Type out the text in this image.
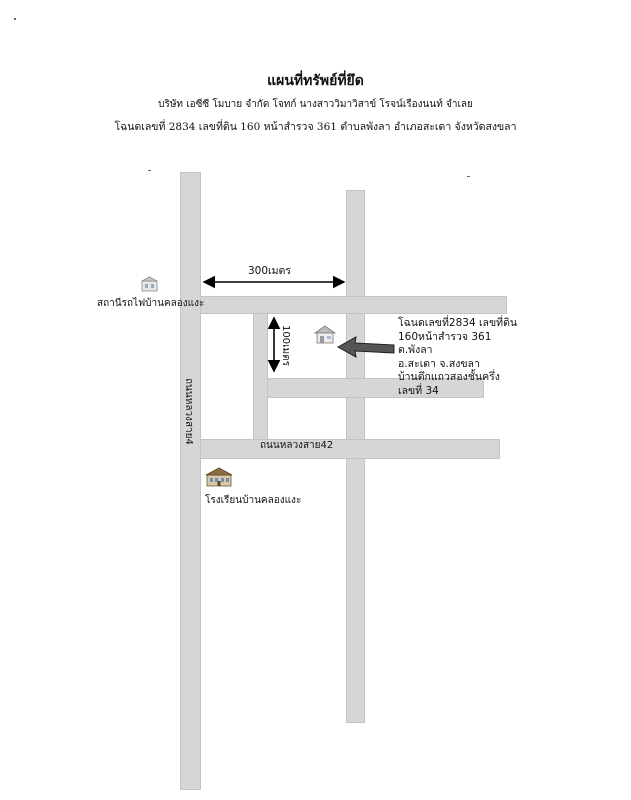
แผนที่ทรัพย์ที่ยึด
บริษัท เอซีซี โมบาย จำกัด โจทก์ นางสาววิมาวิสาข์ โรจน์เรืองนนท์ จำเลย
โฉนดเลขที่ 2834 เลขที่ดิน 160 หน้าสำรวจ 361 ตำบลพังลา อำเภอสะเดา จังหวัดสงขลา
ถนนหลวงสาย4
ถนนหลวงสาย42
300เมตร
100เมตร
สถานีรถไฟบ้านคลองแงะ
โรงเรียนบ้านคลองแงะ
โฉนดเลขที่2834 เลขที่ดิน
160หน้าสำรวจ 361
ต.พังลา
อ.สะเดา จ.สงขลา
บ้านตึกแถวสองชั้นครึ่ง
เลขที่ 34
